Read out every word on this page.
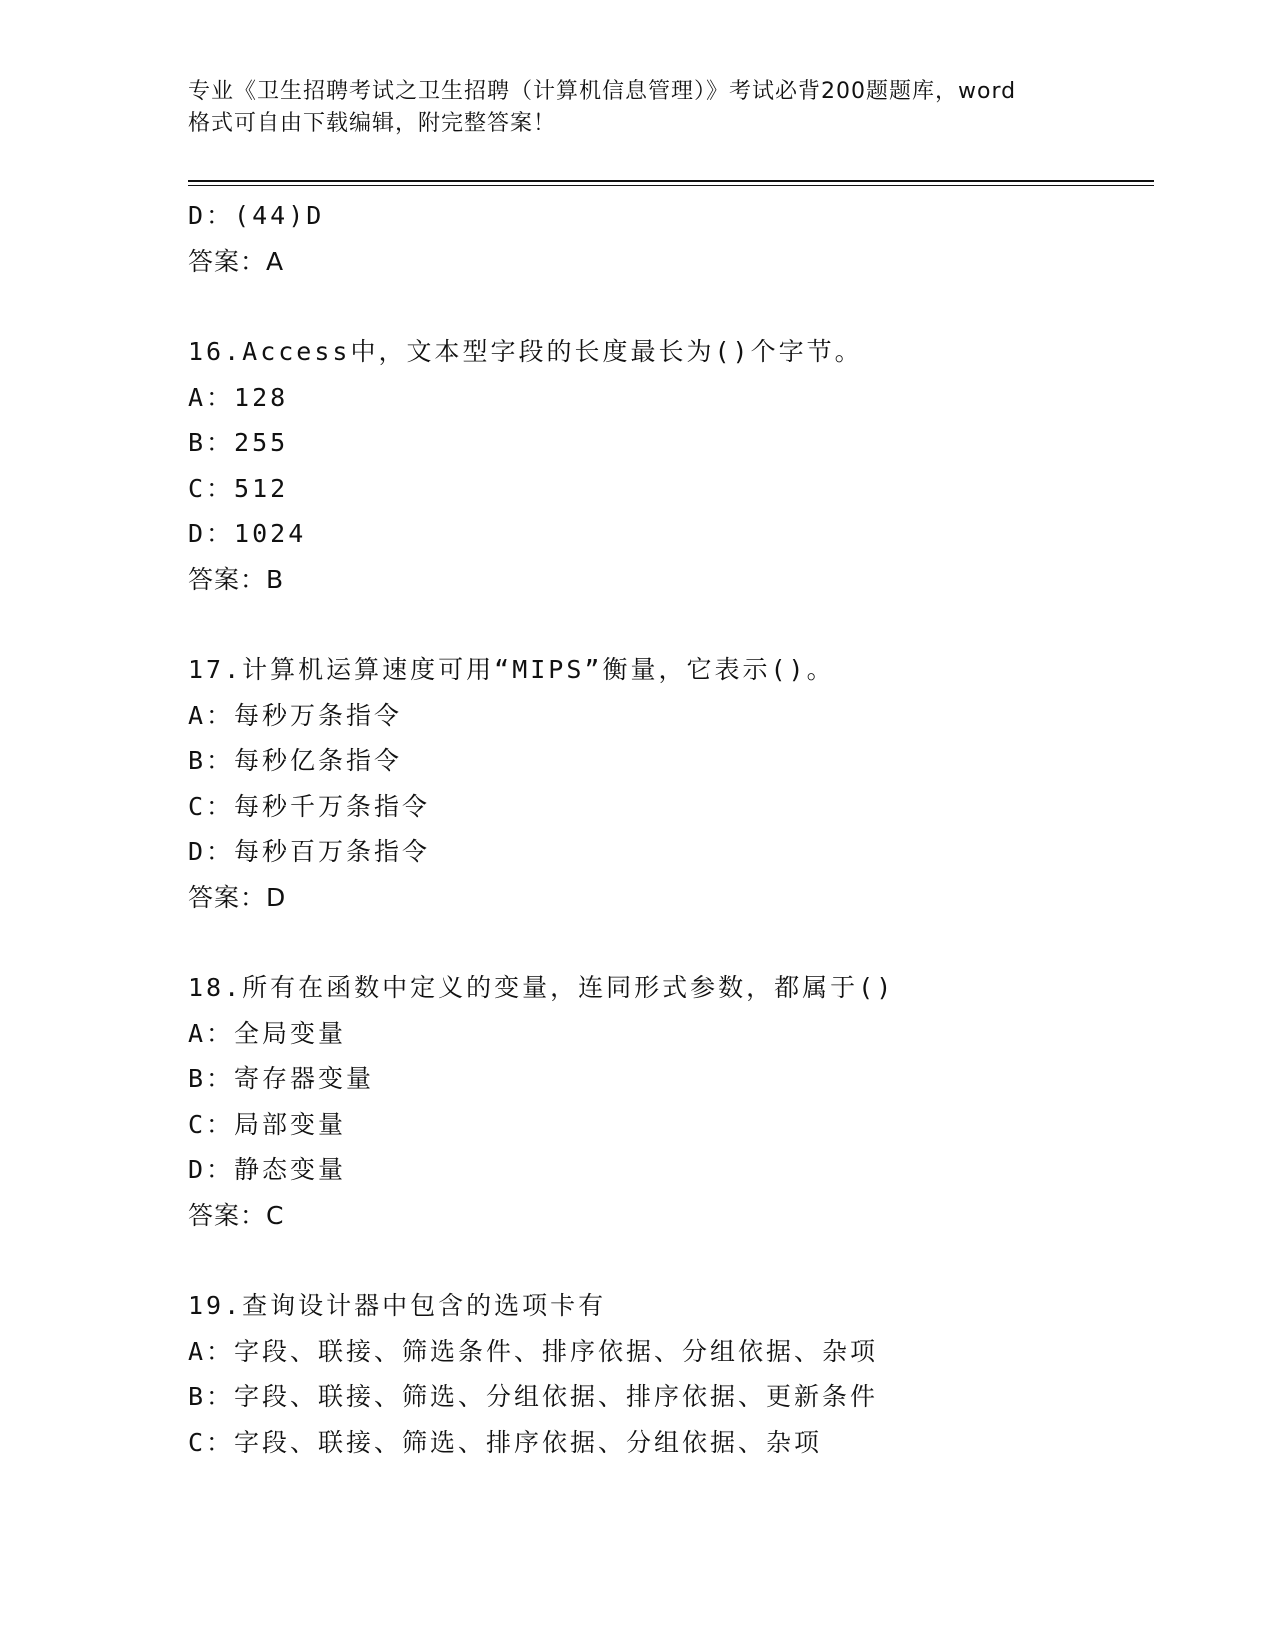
专业《卫生招聘考试之卫生招聘（计算机信息管理）》考试必背200题题库，word
格式可自由下载编辑，附完整答案！
D：(44)D
答案：A
16.Access中，文本型字段的长度最长为()个字节。
A：128
B：255
C：512
D：1024
答案：B
17.计算机运算速度可用“MIPS”衡量，它表示()。
A：每秒万条指令
B：每秒亿条指令
C：每秒千万条指令
D：每秒百万条指令
答案：D
18.所有在函数中定义的变量，连同形式参数，都属于()
A：全局变量
B：寄存器变量
C：局部变量
D：静态变量
答案：C
19.查询设计器中包含的选项卡有
A：字段、联接、筛选条件、排序依据、分组依据、杂项
B：字段、联接、筛选、分组依据、排序依据、更新条件
C：字段、联接、筛选、排序依据、分组依据、杂项
